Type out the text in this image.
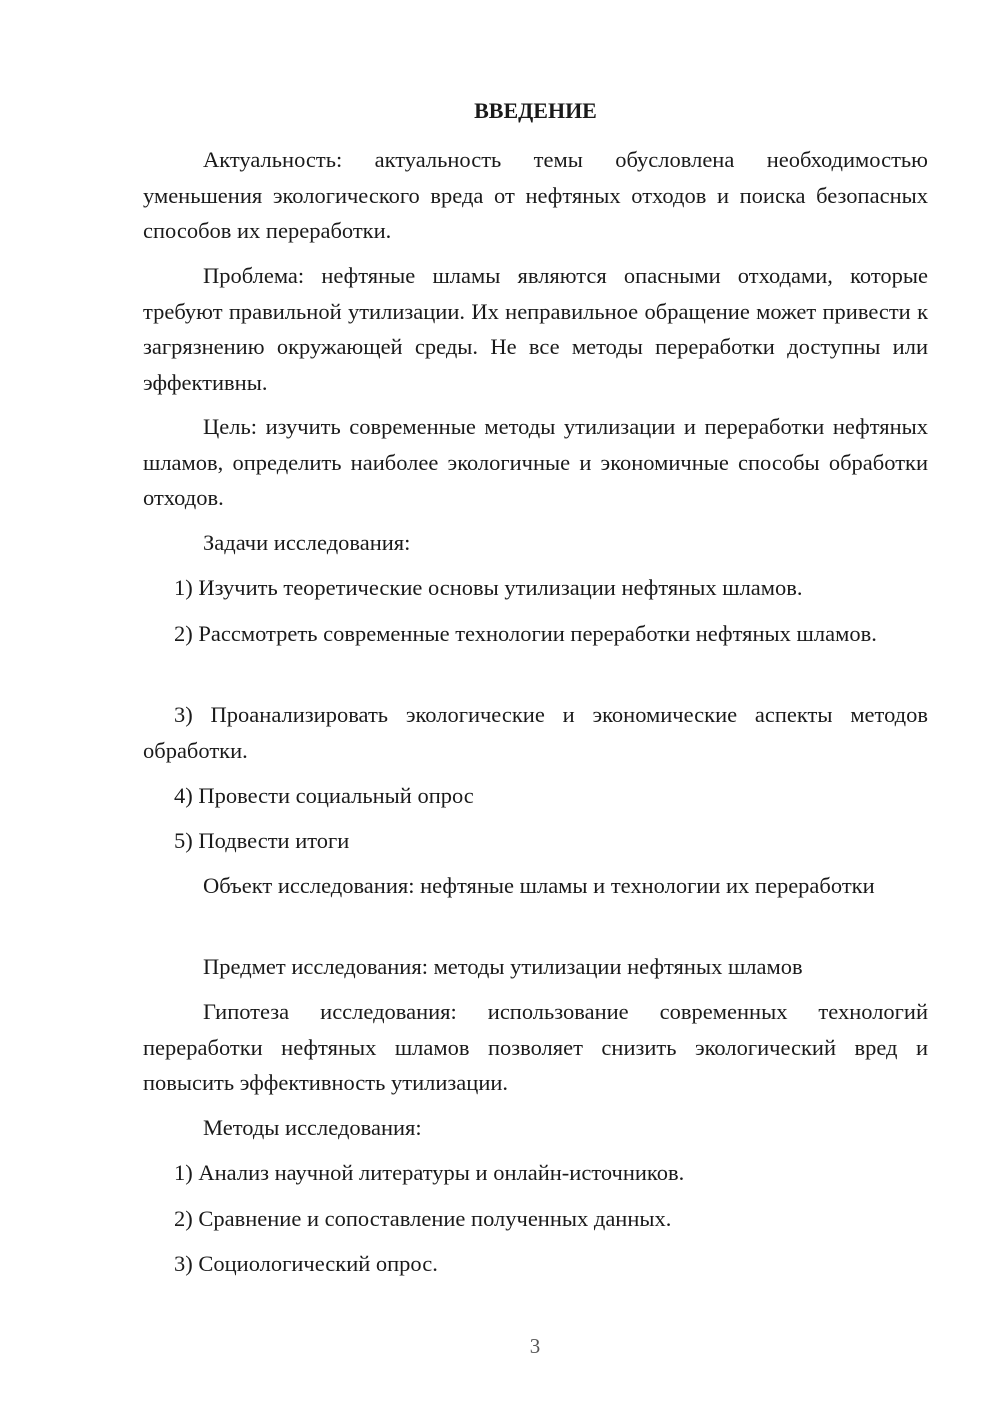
ВВЕДЕНИЕ

Актуальность: актуальность темы обусловлена необходимостью уменьшения экологического вреда от нефтяных отходов и поиска безопасных способов их переработки.

Проблема: нефтяные шламы являются опасными отходами, которые требуют правильной утилизации. Их неправильное обращение может привести к загрязнению окружающей среды. Не все методы переработки доступны или эффективны.

Цель: изучить современные методы утилизации и переработки нефтяных шламов, определить наиболее экологичные и экономичные способы обработки отходов.

Задачи исследования:

1) Изучить теоретические основы утилизации нефтяных шламов.

2) Рассмотреть современные технологии переработки нефтяных шламов.

3) Проанализировать экологические и экономические аспекты методов обработки.

4) Провести социальный опрос

5) Подвести итоги

Объект исследования: нефтяные шламы и технологии их переработки

Предмет исследования: методы утилизации нефтяных шламов

Гипотеза исследования: использование современных технологий переработки нефтяных шламов позволяет снизить экологический вред и повысить эффективность утилизации.

Методы исследования:

1) Анализ научной литературы и онлайн-источников.

2) Сравнение и сопоставление полученных данных.

3) Социологический опрос.

3
